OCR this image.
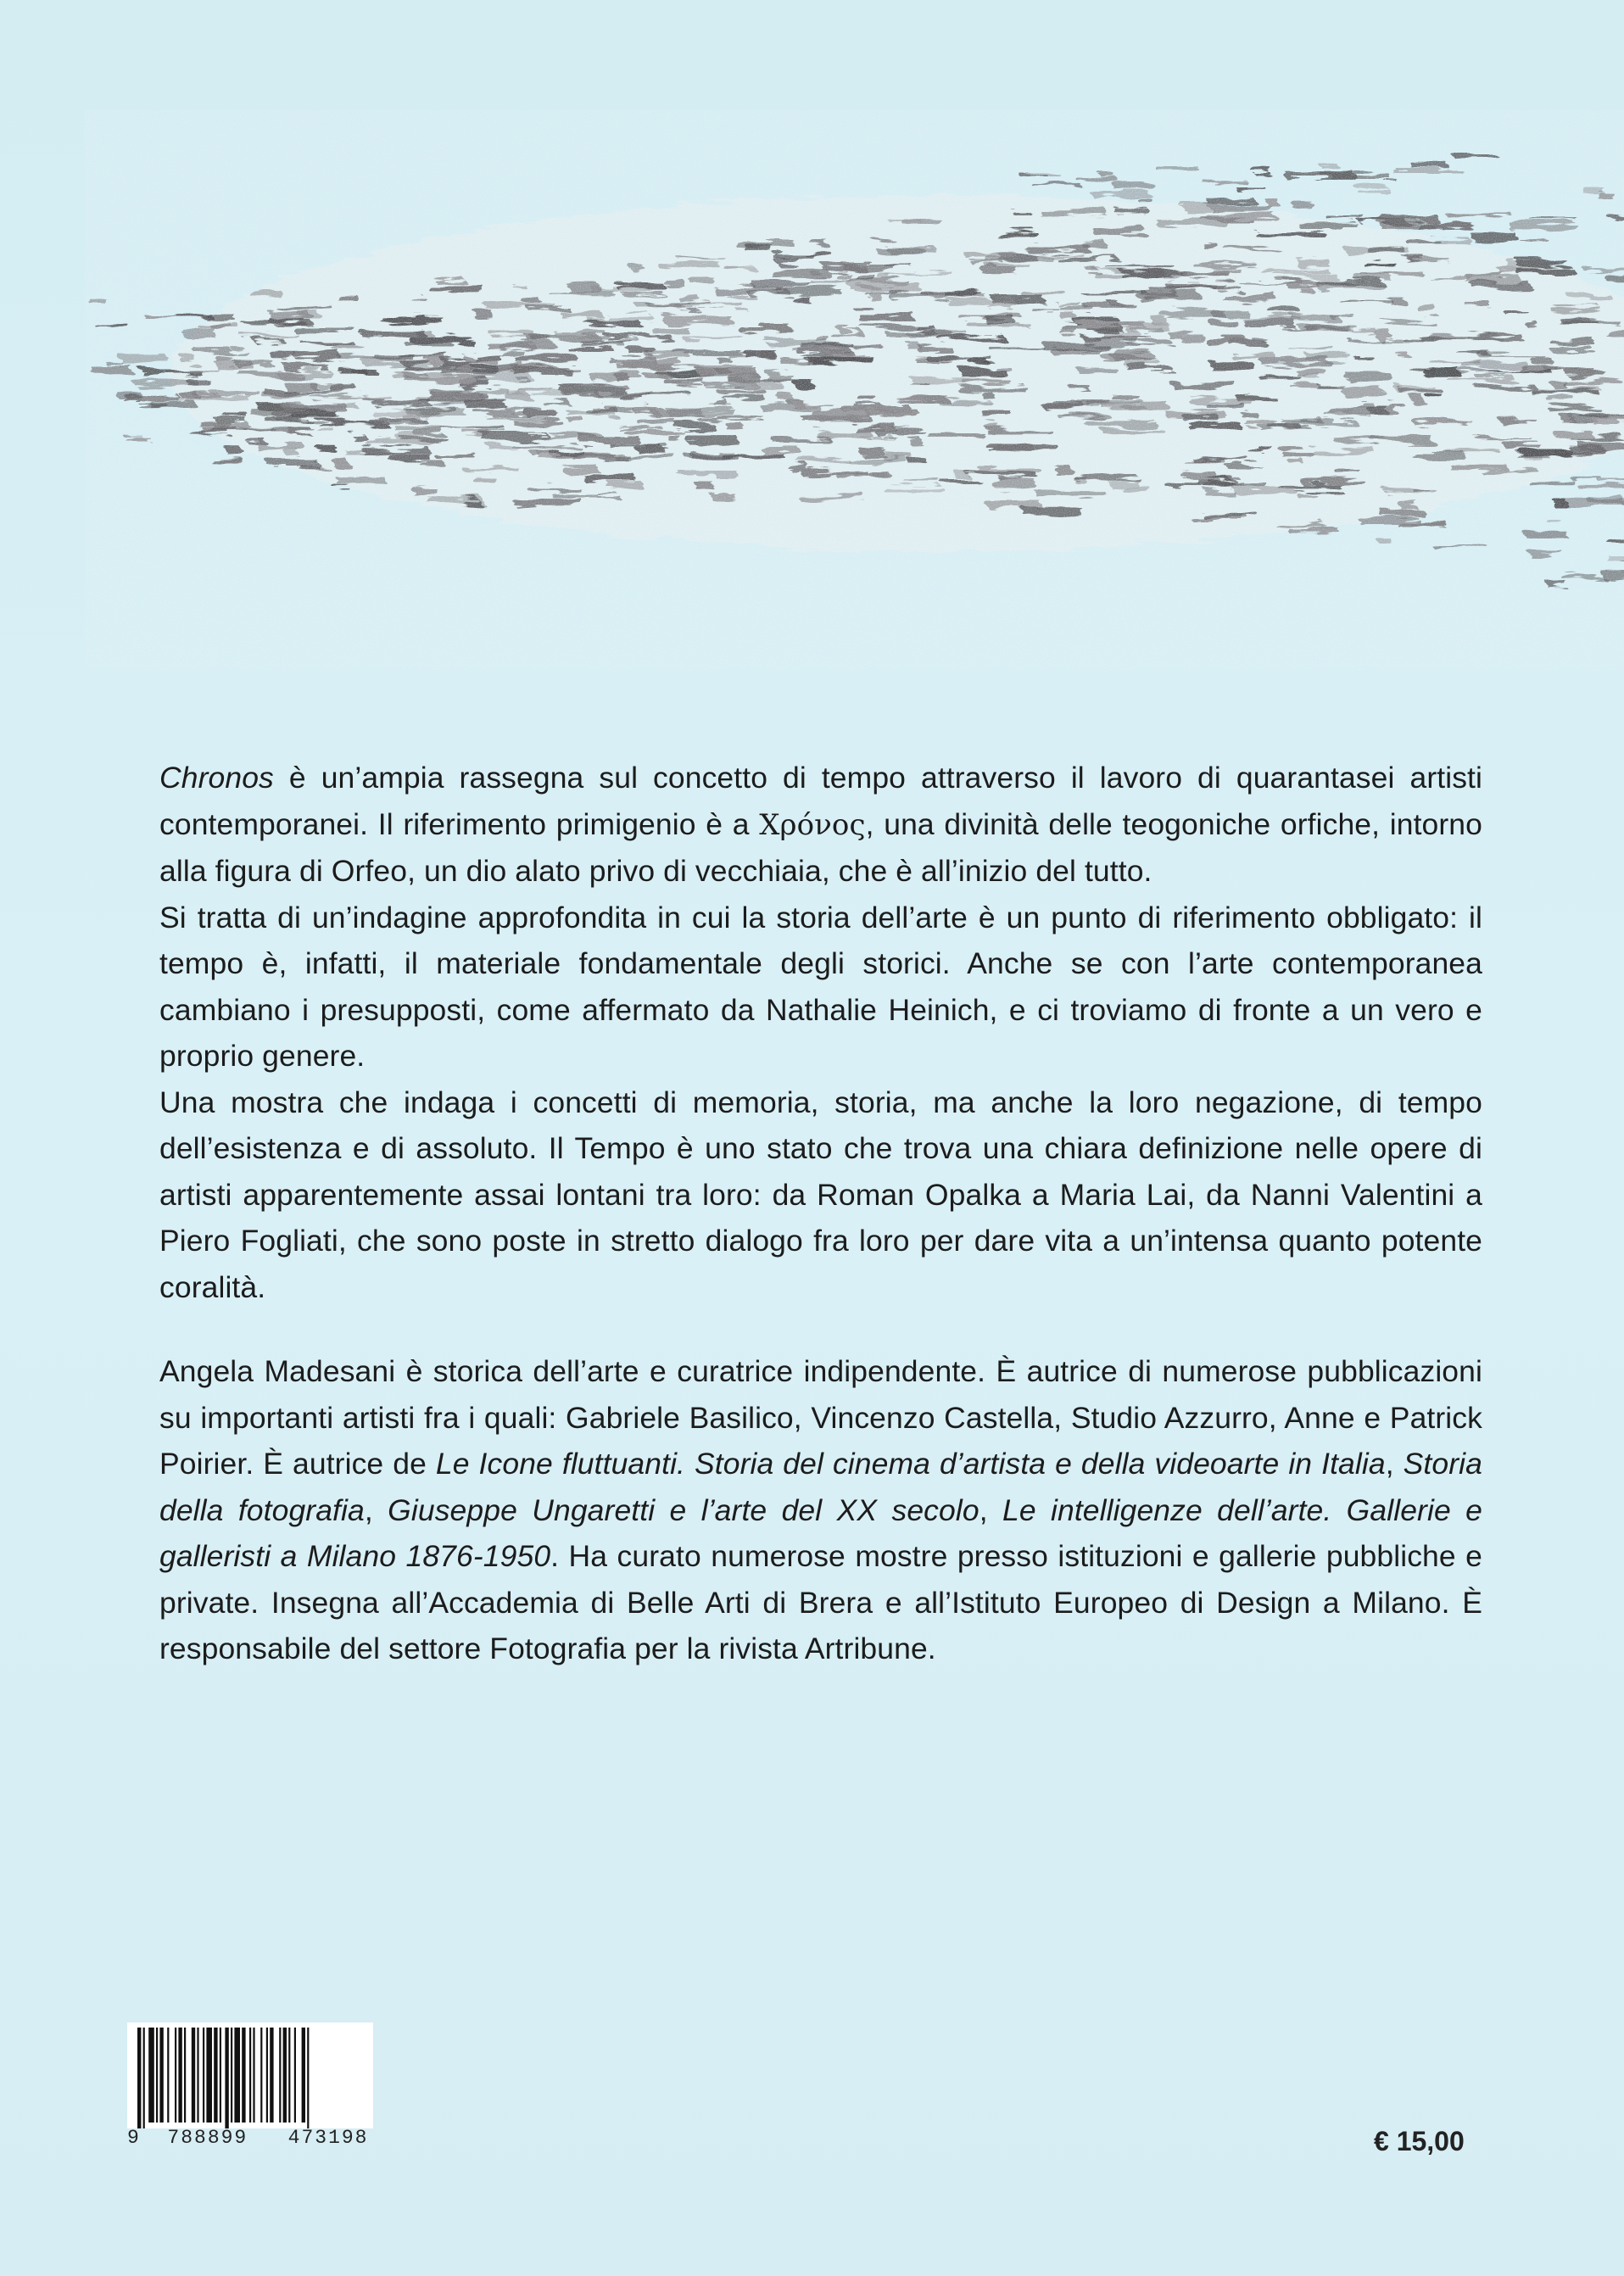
Chronos è un’ampia rassegna sul concetto di tempo attraverso il lavoro di quarantasei artisti contemporanei. Il riferimento primigenio è a Χρόνος, una divinità delle teogoniche orfiche, intorno alla figura di Orfeo, un dio alato privo di vecchiaia, che è all’inizio del tutto.

Si tratta di un’indagine approfondita in cui la storia dell’arte è un punto di riferimento obbligato: il tempo è, infatti, il materiale fondamentale degli storici. Anche se con l’arte contemporanea cambiano i presupposti, come affermato da Nathalie Heinich, e ci troviamo di fronte a un vero e proprio genere.

Una mostra che indaga i concetti di memoria, storia, ma anche la loro negazione, di tempo dell’esistenza e di assoluto. Il Tempo è uno stato che trova una chiara definizione nelle opere di artisti apparentemente assai lontani tra loro: da Roman Opalka a Maria Lai, da Nanni Valentini a Piero Fogliati, che sono poste in stretto dialogo fra loro per dare vita a un’intensa quanto potente coralità.

Angela Madesani è storica dell’arte e curatrice indipendente. È autrice di numerose pubblicazioni su importanti artisti fra i quali: Gabriele Basilico, Vincenzo Castella, Studio Azzurro, Anne e Patrick Poirier. È autrice de Le Icone fluttuanti. Storia del cinema d’artista e della videoarte in Italia, Storia della fotografia, Giuseppe Ungaretti e l’arte del XX secolo, Le intelligenze dell’arte. Gallerie e galleristi a Milano 1876-1950. Ha curato numerose mostre presso istituzioni e gallerie pubbliche e private. Insegna all’Accademia di Belle Arti di Brera e all’Istituto Europeo di Design a Milano. È responsabile del settore Fotografia per la rivista Artribune.

9 788899 473198	€ 15,00
